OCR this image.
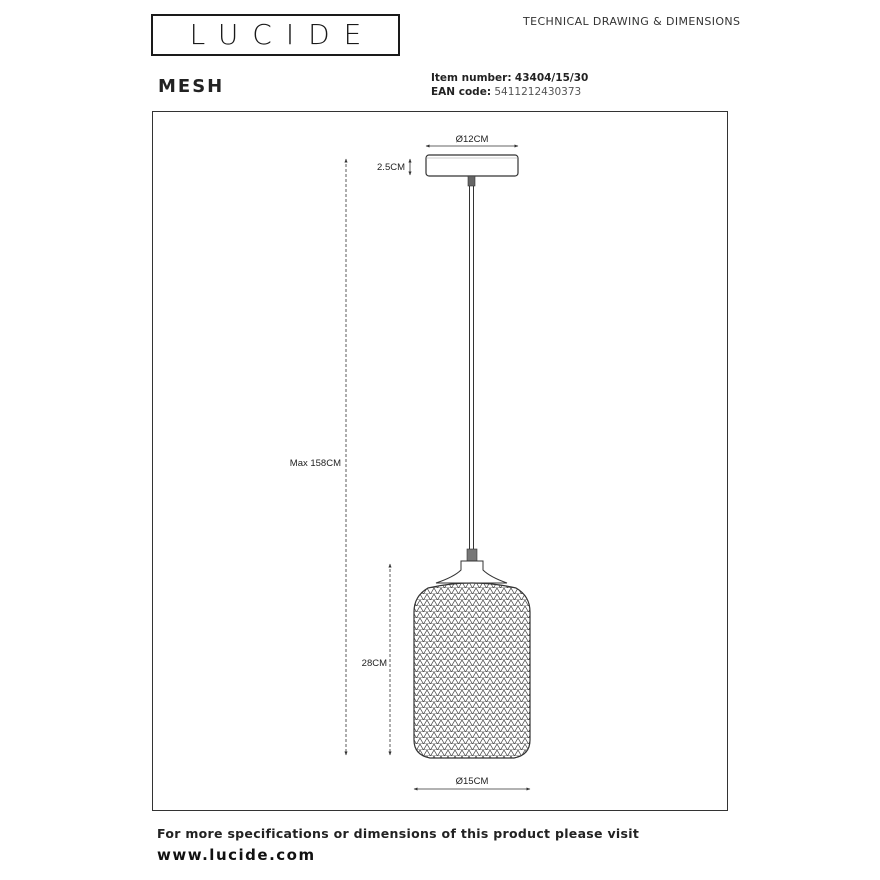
LUCIDE	TECHNICAL DRAWING & DIMENSIONS
MESH	Item number: 43404/15/30
EAN code: 5411212430373
Ø12CM
2.5CM
Max 158CM
28CM
Ø15CM
For more specifications or dimensions of this product please visit
www.lucide.com
